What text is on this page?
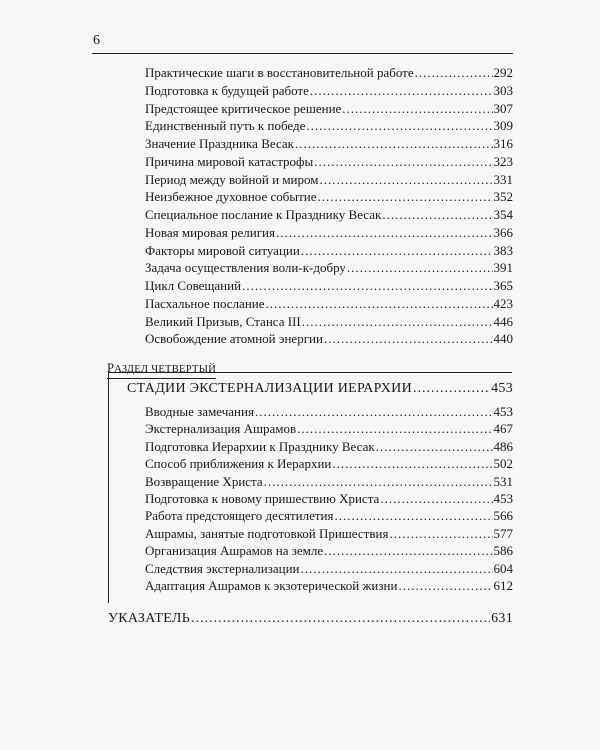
6
Практические шаги в восстановительной работе .....	292
Подготовка к будущей работе .....	303
Предстоящее критическое решение .....	307
Единственный путь к победе .....	309
Значение Праздника Весак .....	316
Причина мировой катастрофы .....	323
Период между войной и миром .....	331
Неизбежное духовное событие .....	352
Специальное послание к Празднику Весак .....	354
Новая мировая религия .....	366
Факторы мировой ситуации .....	383
Задача осуществления воли-к-добру .....	391
Цикл Совещаний .....	365
Пасхальное послание .....	423
Великий Призыв, Станса III .....	446
Освобождение атомной энергии .....	440
РАЗДЕЛ ЧЕТВЕРТЫЙ
СТАДИИ ЭКСТЕРНАЛИЗАЦИИ ИЕРАРХИИ .....	453
Вводные замечания .....	453
Экстернализация Ашрамов .....	467
Подготовка Иерархии к Празднику Весак .....	486
Способ приближения к Иерархии .....	502
Возвращение Христа .....	531
Подготовка к новому пришествию Христа .....	453
Работа предстоящего десятилетия .....	566
Ашрамы, занятые подготовкой Пришествия .....	577
Организация Ашрамов на земле .....	586
Следствия экстернализации .....	604
Адаптация Ашрамов к экзотерической жизни .....	612
УКАЗАТЕЛЬ .....	631
